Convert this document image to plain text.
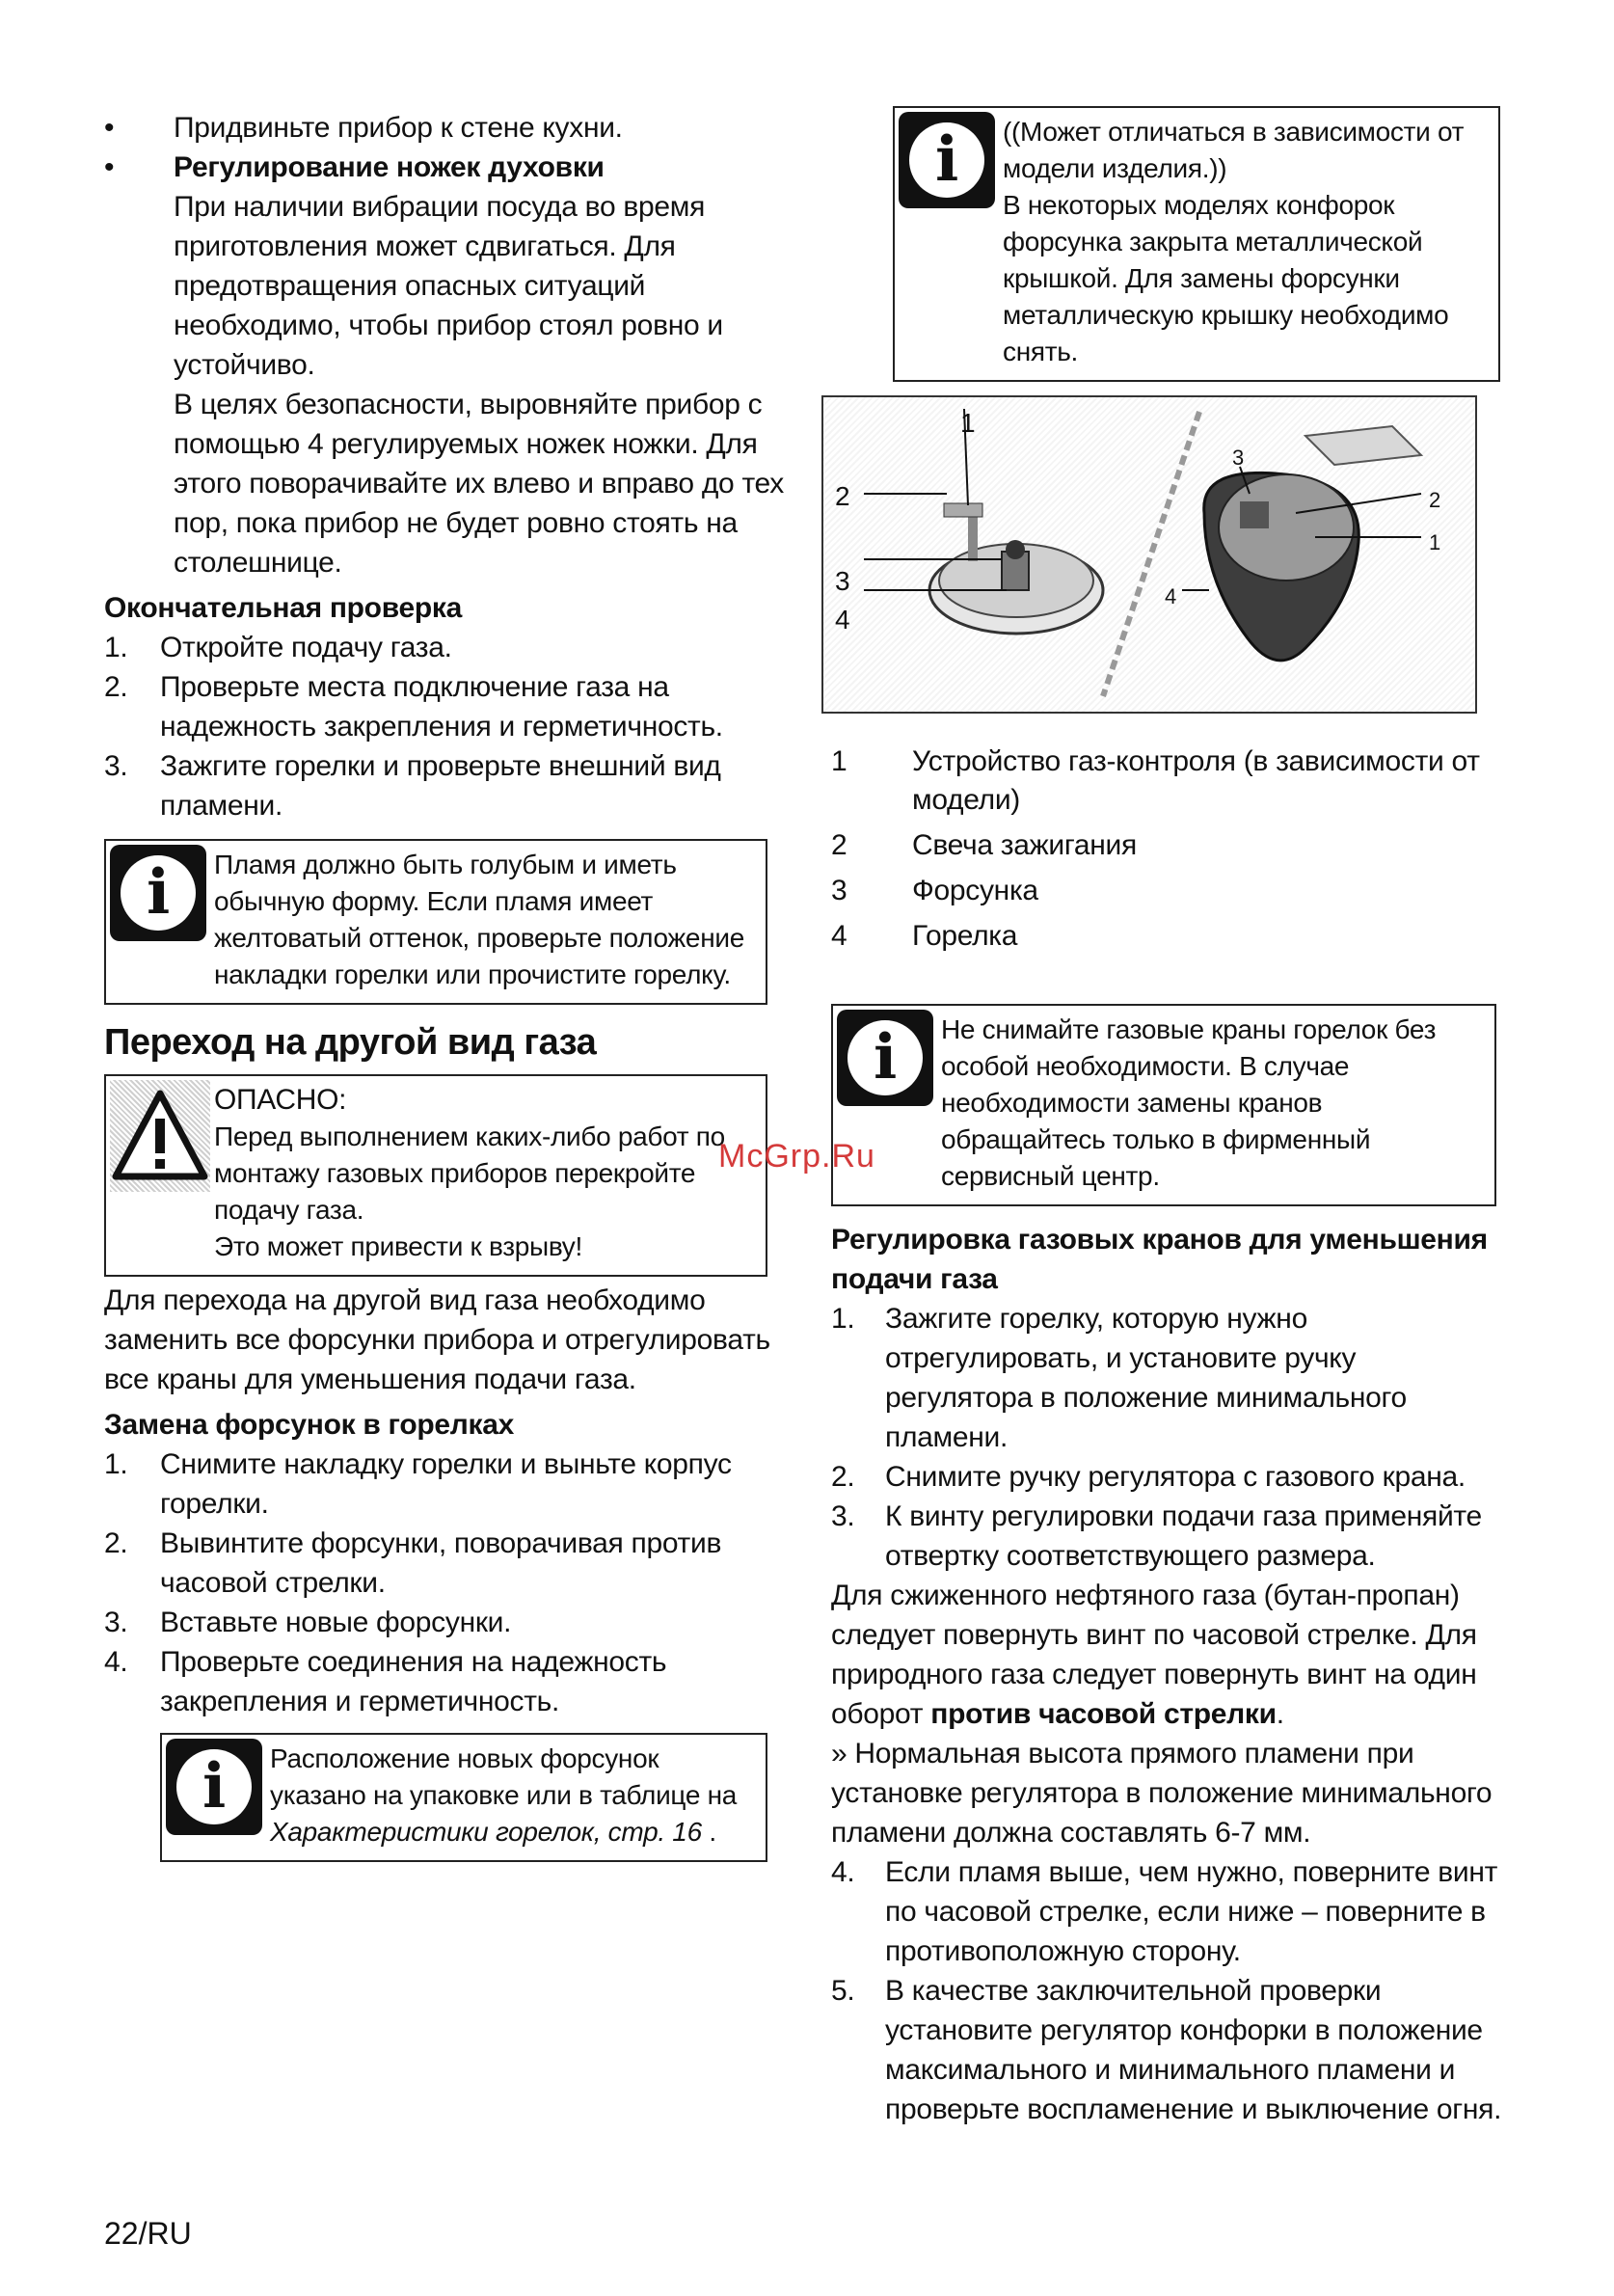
• Придвиньте прибор к стене кухни.

• Регулирование ножек духовки

При наличии вибрации посуда во время приготовления может сдвигаться. Для предотвращения опасных ситуаций необходимо, чтобы прибор стоял ровно и устойчиво.

В целях безопасности, выровняйте прибор с помощью 4 регулируемых ножек ножки. Для этого поворачивайте их влево и вправо до тех пор, пока прибор не будет ровно стоять на столешнице.

Окончательная проверка

1. Откройте подачу газа.
2. Проверьте места подключение газа на надежность закрепления и герметичность.
3. Зажгите горелки и проверьте внешний вид пламени.
i	Пламя должно быть голубым и иметь обычную форму. Если пламя имеет желтоватый оттенок, проверьте положение накладки горелки или прочистите горелку.
Переход на другой вид газа
ОПАСНО:
Перед выполнением каких-либо работ по монтажу газовых приборов перекройте подачу газа.
Это может привести к взрыву!

Для перехода на другой вид газа необходимо заменить все форсунки прибора и отрегулировать все краны для уменьшения подачи газа.

Замена форсунок в горелках

1. Снимите накладку горелки и выньте корпус горелки.
2. Вывинтите форсунки, поворачивая против часовой стрелки.
3. Вставьте новые форсунки.
4. Проверьте соединения на надежность закрепления и герметичность.
i	Расположение новых форсунок указано на упаковке или в таблице на Характеристики горелок, стр. 16 .
i	((Может отличаться в зависимости от модели изделия.))
В некоторых моделях конфорок форсунка закрыта металлической крышкой. Для замены форсунки металлическую крышку необходимо снять.
1
2
3
4
3
2
1
4
1	Устройство газ-контроля (в зависимости от модели)
2	Свеча зажигания
3	Форсунка
4	Горелка
i	Не снимайте газовые краны горелок без особой необходимости. В случае необходимости замены кранов обращайтесь только в фирменный сервисный центр.

Регулировка газовых кранов для уменьшения подачи газа

1. Зажгите горелку, которую нужно отрегулировать, и установите ручку регулятора в положение минимального пламени.
2. Снимите ручку регулятора с газового крана.
3. К винту регулировки подачи газа применяйте отвертку соответствующего размера.

Для сжиженного нефтяного газа (бутан-пропан) следует повернуть винт по часовой стрелке. Для природного газа следует повернуть винт на один оборот против часовой стрелки.

» Нормальная высота прямого пламени при установке регулятора в положение минимального пламени должна составлять 6-7 мм.

4. Если пламя выше, чем нужно, поверните винт по часовой стрелке, если ниже – поверните в противоположную сторону.
5. В качестве заключительной проверки установите регулятор конфорки в положение максимального и минимального пламени и проверьте воспламенение и выключение огня.
McGrp.Ru
22/RU
